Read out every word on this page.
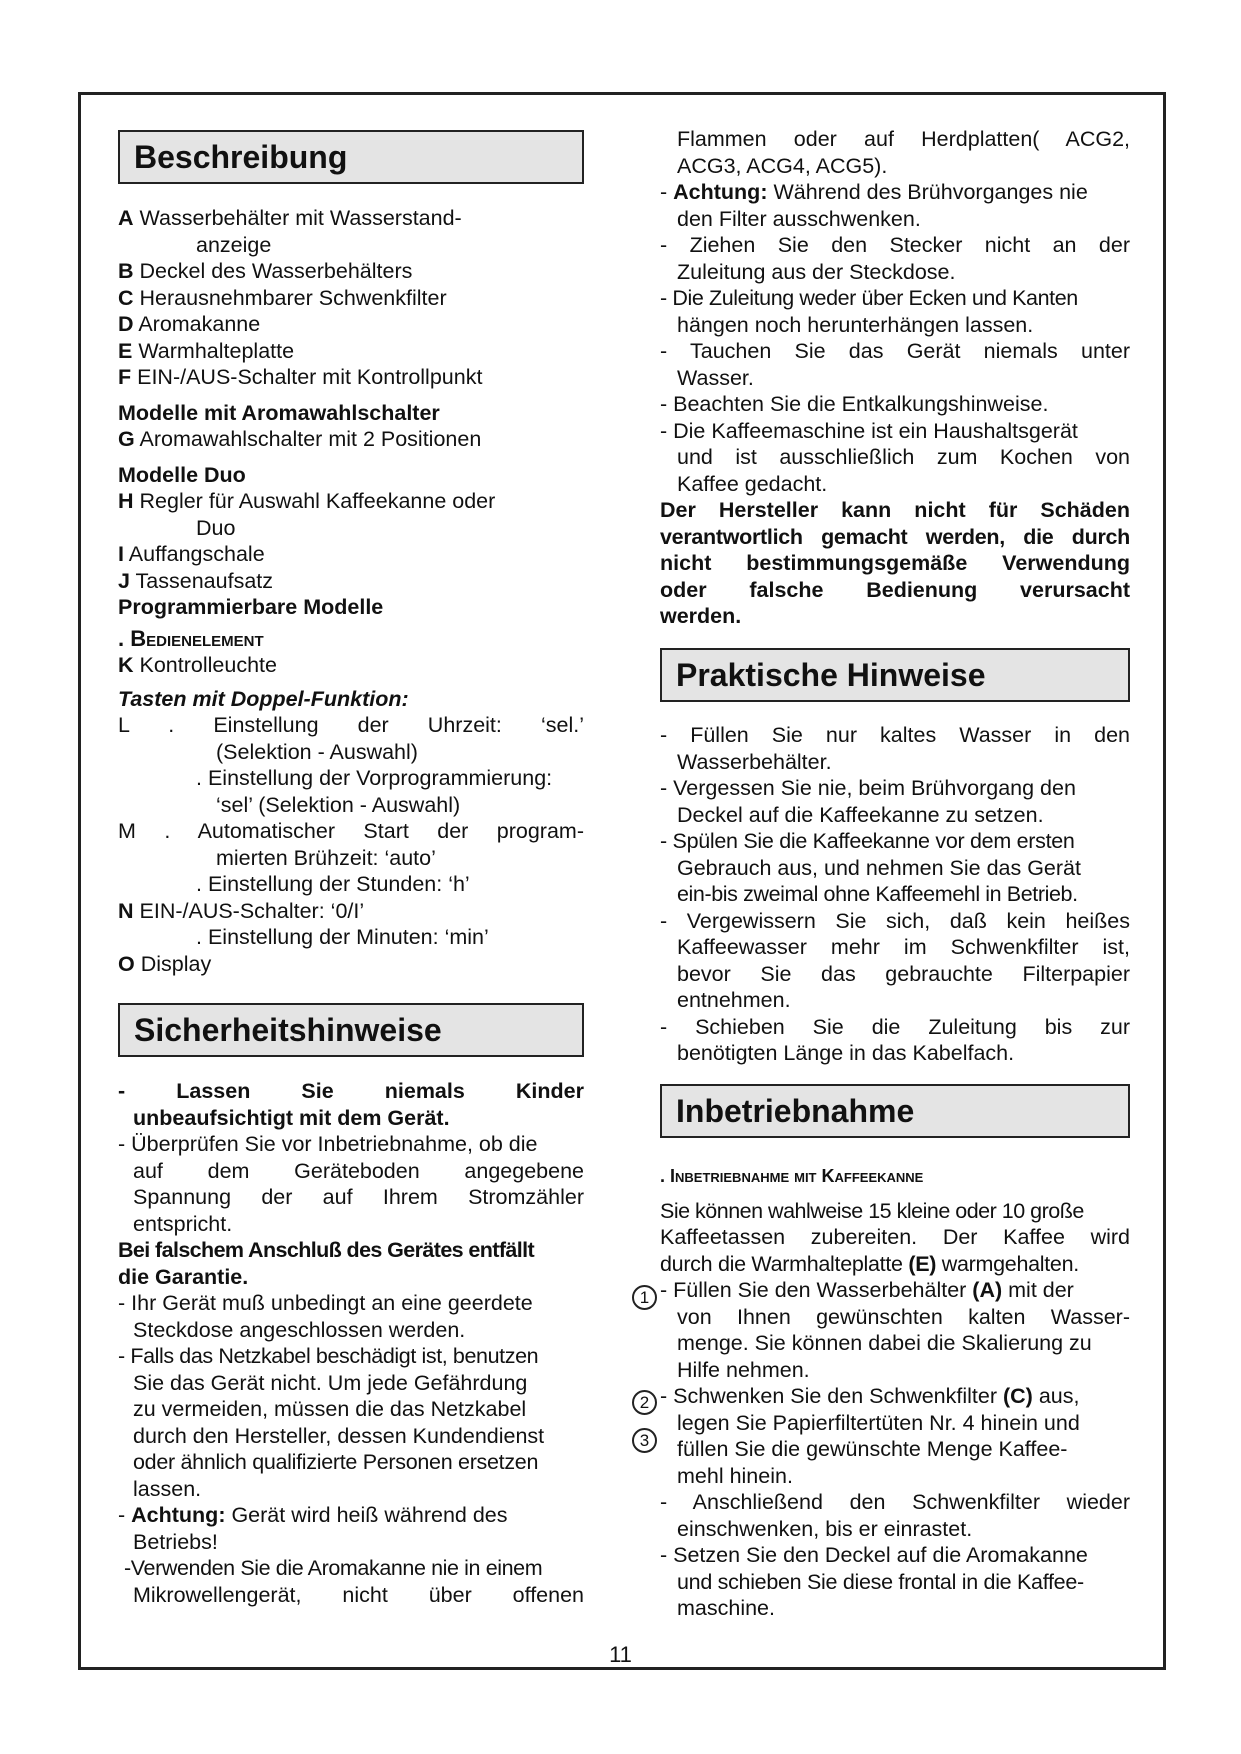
Beschreibung

A Wasserbehälter mit Wasserstand-

anzeige

B Deckel des Wasserbehälters

C Herausnehmbarer Schwenkfilter

D Aromakanne

E Warmhalteplatte

F EIN-/AUS-Schalter mit Kontrollpunkt

Modelle mit Aromawahlschalter

G Aromawahlschalter mit 2 Positionen

Modelle Duo

H Regler für Auswahl Kaffeekanne oder

Duo

I Auffangschale

J Tassenaufsatz

Programmierbare Modelle

. Bedienelement

K Kontrolleuchte

Tasten mit Doppel-Funktion:

L . Einstellung der Uhrzeit: ‘sel.’

(Selektion - Auswahl)

. Einstellung der Vorprogrammierung:

‘sel’ (Selektion - Auswahl)

M . Automatischer Start der program-

mierten Brühzeit: ‘auto’

. Einstellung der Stunden: ‘h’

N EIN-/AUS-Schalter: ‘0/I’

. Einstellung der Minuten: ‘min’

O Display

Sicherheitshinweise

- Lassen Sie niemals Kinder

unbeaufsichtigt mit dem Gerät.

- Überprüfen Sie vor Inbetriebnahme, ob die

auf dem Geräteboden angegebene

Spannung der auf Ihrem Stromzähler

entspricht.

Bei falschem Anschluß des Gerätes entfällt

die Garantie.

- Ihr Gerät muß unbedingt an eine geerdete

Steckdose angeschlossen werden.

- Falls das Netzkabel beschädigt ist, benutzen

Sie das Gerät nicht. Um jede Gefährdung

zu vermeiden, müssen die das Netzkabel

durch den Hersteller, dessen Kundendienst

oder ähnlich qualifizierte Personen ersetzen

lassen.

- Achtung: Gerät wird heiß während des

Betriebs!

-Verwenden Sie die Aromakanne nie in einem

Mikrowellengerät, nicht über offenen

Flammen oder auf Herdplatten( ACG2,

ACG3, ACG4, ACG5).

- Achtung: Während des Brühvorganges nie

den Filter ausschwenken.

- Ziehen Sie den Stecker nicht an der

Zuleitung aus der Steckdose.

- Die Zuleitung weder über Ecken und Kanten

hängen noch herunterhängen lassen.

- Tauchen Sie das Gerät niemals unter

Wasser.

- Beachten Sie die Entkalkungshinweise.

- Die Kaffeemaschine ist ein Haushaltsgerät

und ist ausschließlich zum Kochen von

Kaffee gedacht.

Der Hersteller kann nicht für Schäden

verantwortlich gemacht werden, die durch

nicht bestimmungsgemäße Verwendung

oder falsche Bedienung verursacht

werden.

Praktische Hinweise

- Füllen Sie nur kaltes Wasser in den

Wasserbehälter.

- Vergessen Sie nie, beim Brühvorgang den

Deckel auf die Kaffeekanne zu setzen.

- Spülen Sie die Kaffeekanne vor dem ersten

Gebrauch aus, und nehmen Sie das Gerät

ein-bis zweimal ohne Kaffeemehl in Betrieb.

- Vergewissern Sie sich, daß kein heißes

Kaffeewasser mehr im Schwenkfilter ist,

bevor Sie das gebrauchte Filterpapier

entnehmen.

- Schieben Sie die Zuleitung bis zur

benötigten Länge in das Kabelfach.

Inbetriebnahme

. Inbetriebnahme mit Kaffeekanne

Sie können wahlweise 15 kleine oder 10 große

Kaffeetassen zubereiten. Der Kaffee wird

durch die Warmhalteplatte (E) warmgehalten.

- Füllen Sie den Wasserbehälter (A) mit der

von Ihnen gewünschten kalten Wasser-

menge. Sie können dabei die Skalierung zu

Hilfe nehmen.

- Schwenken Sie den Schwenkfilter (C) aus,

legen Sie Papierfiltertüten Nr. 4 hinein und

füllen Sie die gewünschte Menge Kaffee-

mehl hinein.

- Anschließend den Schwenkfilter wieder

einschwenken, bis er einrastet.

- Setzen Sie den Deckel auf die Aromakanne

und schieben Sie diese frontal in die Kaffee-

maschine.

1
2
3
11
